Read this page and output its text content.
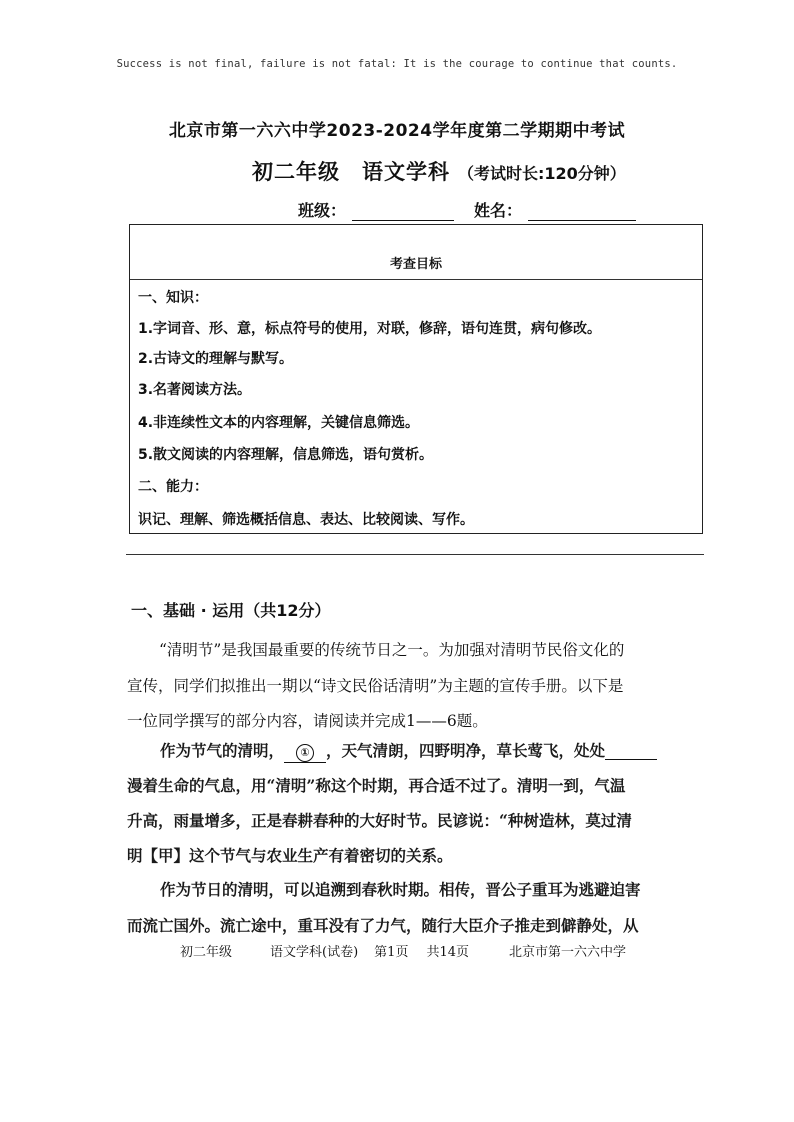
Success is not final, failure is not fatal: It is the courage to continue that counts.
北京市第一六六中学2023-2024学年度第二学期期中考试
初二年级 语文学科 （考试时长:120分钟）
班级：	姓名：
考查目标
一、知识：
1.字词音、形、意，标点符号的使用，对联，修辞，语句连贯，病句修改。
2.古诗文的理解与默写。
3.名著阅读方法。
4.非连续性文本的内容理解，关键信息筛选。
5.散文阅读的内容理解，信息筛选，语句赏析。
二、能力：
识记、理解、筛选概括信息、表达、比较阅读、写作。
一、基础 · 运用（共12分）
“清明节”是我国最重要的传统节日之一。为加强对清明节民俗文化的
宣传，同学们拟推出一期以“诗文民俗话清明”为主题的宣传手册。以下是
一位同学撰写的部分内容，请阅读并完成1——6题。
作为节气的清明， ① ，天气清朗，四野明净，草长莺飞，处处
漫着生命的气息，用“清明”称这个时期，再合适不过了。清明一到，气温
升高，雨量增多，正是春耕春种的大好时节。民谚说：“种树造林，莫过清
明【甲】这个节气与农业生产有着密切的关系。
作为节日的清明，可以追溯到春秋时期。相传，晋公子重耳为逃避迫害
而流亡国外。流亡途中，重耳没有了力气，随行大臣介子推走到僻静处，从
初二年级	语文学科(试卷) 第1页 共14页	北京市第一六六中学
